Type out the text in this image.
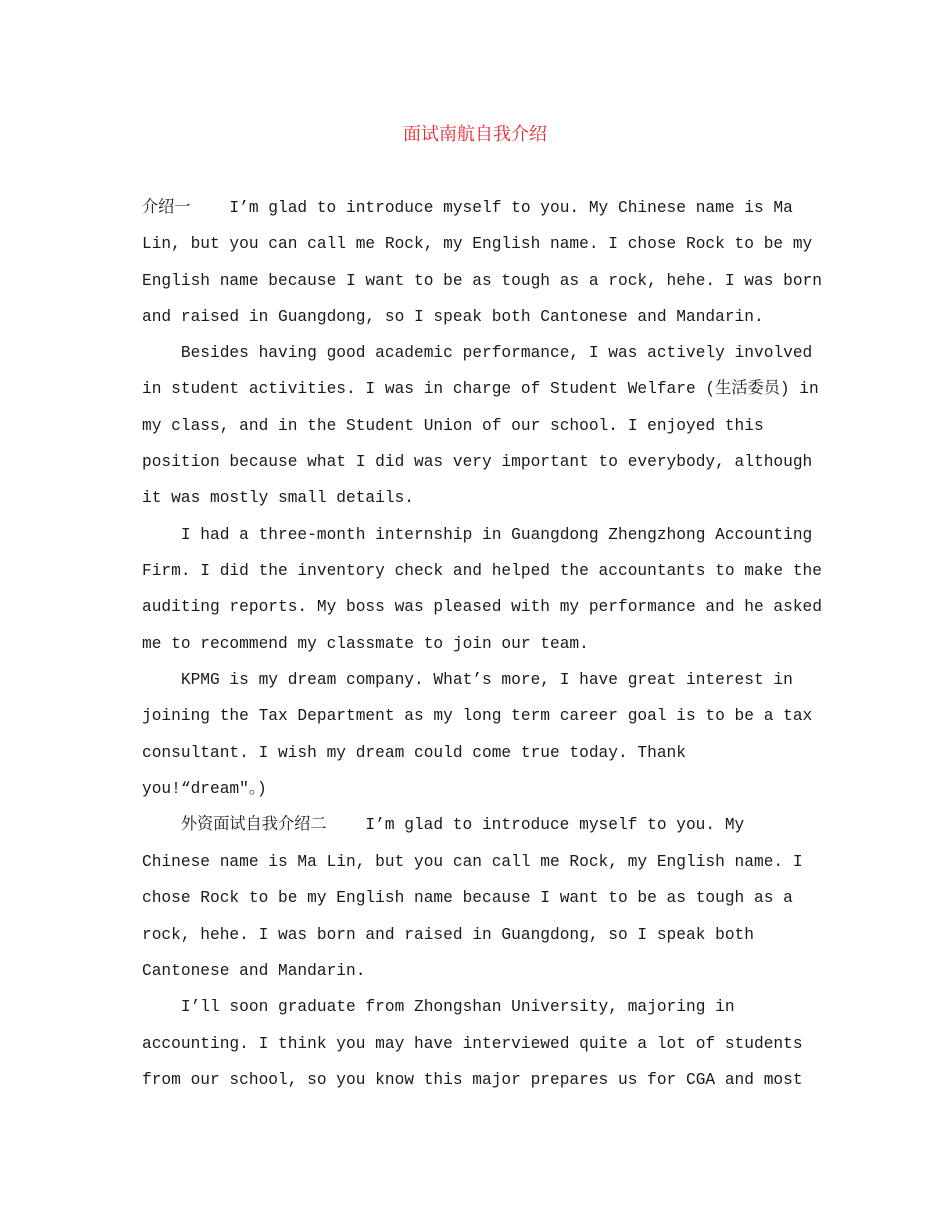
面试南航自我介绍
介绍一    I’m glad to introduce myself to you. My Chinese name is Ma
Lin, but you can call me Rock, my English name. I chose Rock to be my
English name because I want to be as tough as a rock, hehe. I was born
and raised in Guangdong, so I speak both Cantonese and Mandarin.
Besides having good academic performance, I was actively involved
in student activities. I was in charge of Student Welfare (生活委员) in
my class, and in the Student Union of our school. I enjoyed this
position because what I did was very important to everybody, although
it was mostly small details.
I had a three-month internship in Guangdong Zhengzhong Accounting
Firm. I did the inventory check and helped the accountants to make the
auditing reports. My boss was pleased with my performance and he asked
me to recommend my classmate to join our team.
KPMG is my dream company. What’s more, I have great interest in
joining the Tax Department as my long term career goal is to be a tax
consultant. I wish my dream could come true today. Thank
you!“dream″。)
外资面试自我介绍二    I’m glad to introduce myself to you. My
Chinese name is Ma Lin, but you can call me Rock, my English name. I
chose Rock to be my English name because I want to be as tough as a
rock, hehe. I was born and raised in Guangdong, so I speak both
Cantonese and Mandarin.
I’ll soon graduate from Zhongshan University, majoring in
accounting. I think you may have interviewed quite a lot of students
from our school, so you know this major prepares us for CGA and most
